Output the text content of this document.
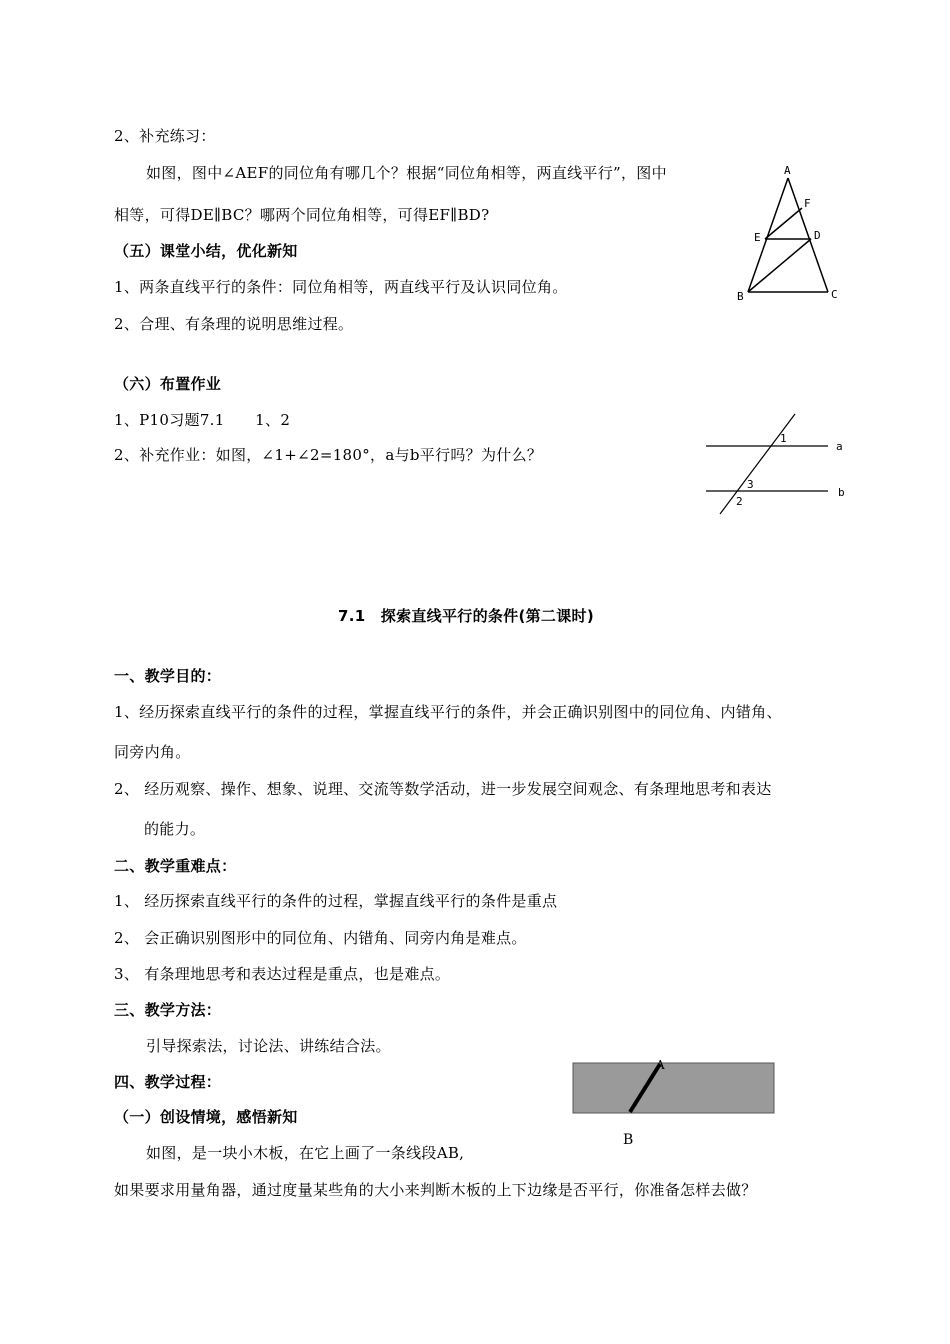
2、补充练习：
如图，图中∠AEF的同位角有哪几个？根据“同位角相等，两直线平行”，图中
相等，可得DE∥BC？哪两个同位角相等，可得EF∥BD?
（五）课堂小结，优化新知
1、两条直线平行的条件：同位角相等，两直线平行及认识同位角。
2、合理、有条理的说明思维过程。
（六）布置作业
1、P10习题7.1　　1、2
2、补充作业：如图，∠1+∠2=180°，a与b平行吗？为什么？
A
F
E	D
B	C
1
a
3
b
2
7.1　探索直线平行的条件(第二课时)
一、教学目的：
1、经历探索直线平行的条件的过程，掌握直线平行的条件，并会正确识别图中的同位角、内错角、
同旁内角。
2、 经历观察、操作、想象、说理、交流等数学活动，进一步发展空间观念、有条理地思考和表达
的能力。
二、教学重难点：
1、 经历探索直线平行的条件的过程，掌握直线平行的条件是重点
2、 会正确识别图形中的同位角、内错角、同旁内角是难点。
3、 有条理地思考和表达过程是重点，也是难点。
三、教学方法：
引导探索法，讨论法、讲练结合法。
四、教学过程：
（一）创设情境，感悟新知
如图，是一块小木板，在它上画了一条线段AB,
如果要求用量角器，通过度量某些角的大小来判断木板的上下边缘是否平行，你准备怎样去做？
A
B
